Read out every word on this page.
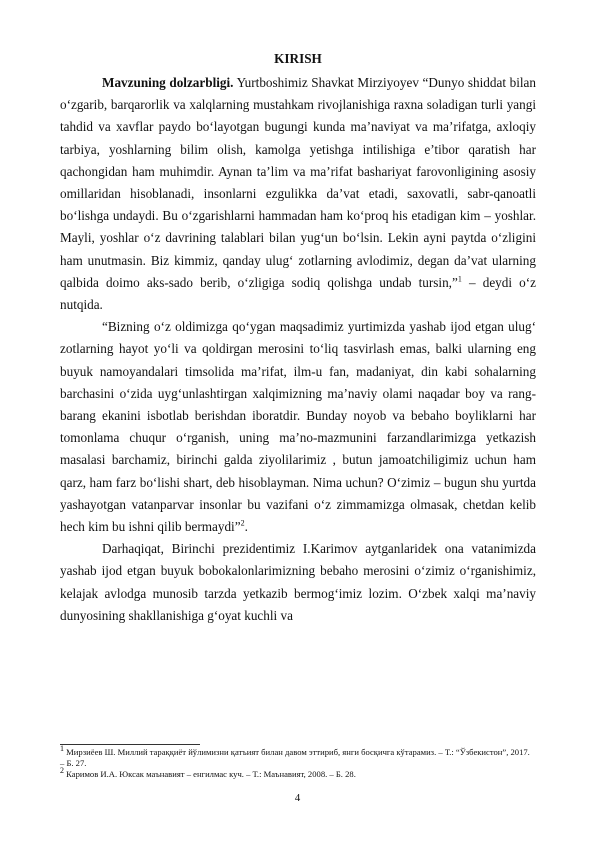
KIRISH

Mavzuning dolzarbligi. Yurtboshimiz Shavkat Mirziyoyev “Dunyo shiddat bilan o‘zgarib, barqarorlik va xalqlarning mustahkam rivojlanishiga raxna soladigan turli yangi tahdid va xavflar paydo bo‘layotgan bugungi kunda ma’naviyat va ma’rifatga, axloqiy tarbiya, yoshlarning bilim olish, kamolga yetishga intilishiga e’tibor qaratish har qachongidan ham muhimdir. Aynan ta’lim va ma’rifat bashariyat farovonligining asosiy omillaridan hisoblanadi, insonlarni ezgulikka da’vat etadi, saxovatli, sabr-qanoatli bo‘lishga undaydi. Bu o‘zgarishlarni hammadan ham ko‘proq his etadigan kim – yoshlar. Mayli, yoshlar o‘z davrining talablari bilan yug‘un bo‘lsin. Lekin ayni paytda o‘zligini ham unutmasin. Biz kimmiz, qanday ulug‘ zotlarning avlodimiz, degan da’vat ularning qalbida doimo aks-sado berib, o‘zligiga sodiq qolishga undab tursin,”$^1$ – deydi o‘z nutqida.

“Bizning o‘z oldimizga qo‘ygan maqsadimiz yurtimizda yashab ijod etgan ulug‘ zotlarning hayot yo‘li va qoldirgan merosini to‘liq tasvirlash emas, balki ularning eng buyuk namoyandalari timsolida ma’rifat, ilm-u fan, madaniyat, din kabi sohalarning barchasini o‘zida uyg‘unlashtirgan xalqimizning ma’naviy olami naqadar boy va rang-barang ekanini isbotlab berishdan iboratdir. Bunday noyob va bebaho boyliklarni har tomonlama chuqur o‘rganish, uning ma’no-mazmunini farzandlarimizga yetkazish masalasi barchamiz, birinchi galda ziyolilarimiz , butun jamoatchiligimiz uchun ham qarz, ham farz bo‘lishi shart, deb hisoblayman. Nima uchun? O‘zimiz – bugun shu yurtda yashayotgan vatanparvar insonlar bu vazifani o‘z zimmamizga olmasak, chetdan kelib hech kim bu ishni qilib bermaydi”$^2$.

Darhaqiqat, Birinchi prezidentimiz I.Karimov aytganlaridek ona vatanimizda yashab ijod etgan buyuk bobokalonlarimizning bebaho merosini o‘zimiz o‘rganishimiz, kelajak avlodga munosib tarzda yetkazib bermog‘imiz lozim. O‘zbek xalqi ma’naviy dunyosining shakllanishiga g‘oyat kuchli va

$^1$ Мирзиёев Ш. Миллий тараққиёт йўлимизни қатъият билан давом эттириб, янги босқичга кўтарамиз. – Т.: “Ўзбекистон”, 2017. – Б. 27.
$^2$ Каримов И.А. Юксак маънавият – енгилмас куч. – Т.: Маънавият, 2008. – Б. 28.
4
